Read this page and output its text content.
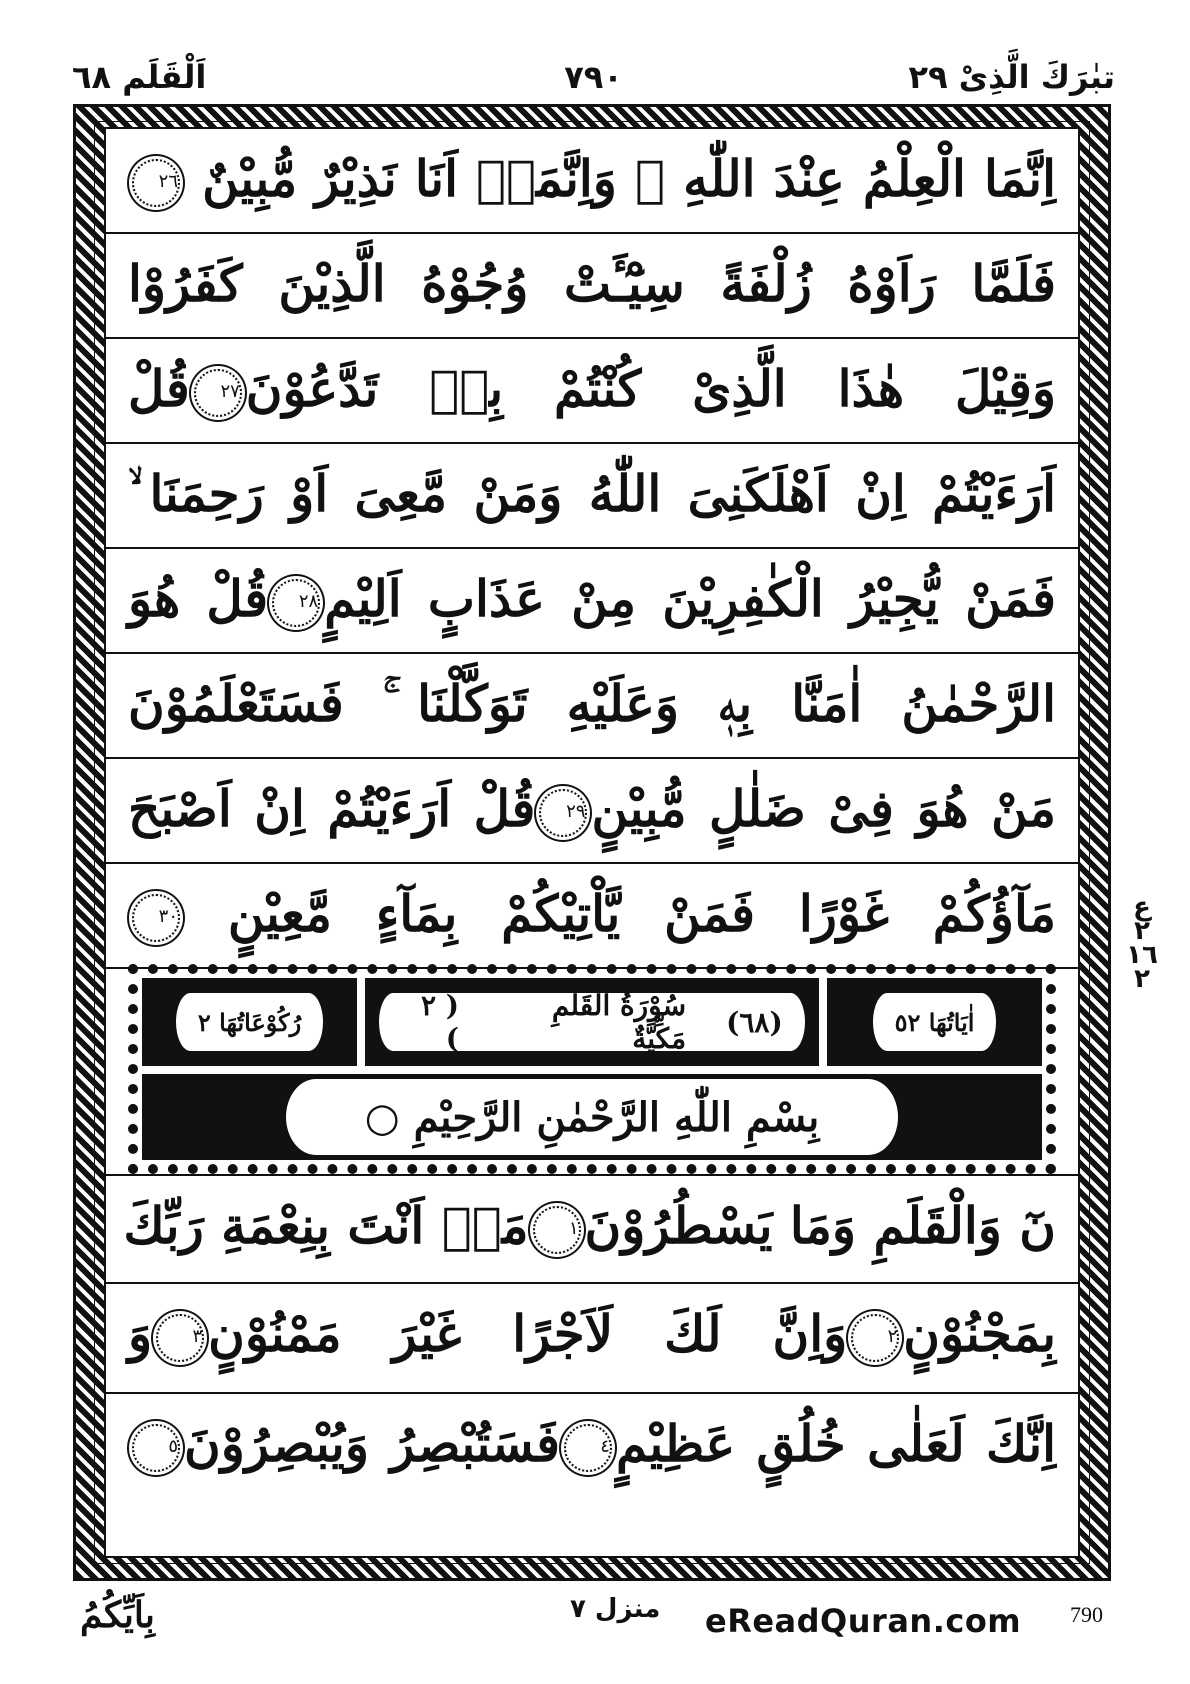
تبٰرَكَ الَّذِىْ ٢٩
٧٩٠
اَلْقَلَم ٦٨
اِنَّمَا الْعِلْمُ عِنْدَ اللّٰهِ ۪ وَاِنَّمَاۤ اَنَا نَذِيْرٌ مُّبِيْنٌ ٢٦
فَلَمَّا رَاَوْهُ زُلْفَةً سِيْٓـَٔتْ وُجُوْهُ الَّذِيْنَ كَفَرُوْا
وَقِيْلَ هٰذَا الَّذِىْ كُنْتُمْ بِهٖ تَدَّعُوْنَ٢٧قُلْ
اَرَءَيْتُمْ اِنْ اَهْلَكَنِىَ اللّٰهُ وَمَنْ مَّعِىَ اَوْ رَحِمَنَا ۙ
فَمَنْ يُّجِيْرُ الْكٰفِرِيْنَ مِنْ عَذَابٍ اَلِيْمٍ٢٨قُلْ هُوَ
الرَّحْمٰنُ اٰمَنَّا بِهٖ وَعَلَيْهِ تَوَكَّلْنَا ۚ فَسَتَعْلَمُوْنَ
مَنْ هُوَ فِىْ ضَلٰلٍ مُّبِيْنٍ٢٩قُلْ اَرَءَيْتُمْ اِنْ اَصْبَحَ
مَآؤُكُمْ غَوْرًا فَمَنْ يَّاْتِيْكُمْ بِمَآءٍ مَّعِيْنٍ ٣٠
اٰيَاتُهَا ٥٢
(٦٨)
سُوْرَةُ الْقَلَمِ مَكِّيَّةٌ
( ٢ )
رُكُوْعَاتُهَا ٢
بِسْمِ اللّٰهِ الرَّحْمٰنِ الرَّحِيْمِ
○
نٓ وَالْقَلَمِ وَمَا يَسْطُرُوْنَ١مَاۤ اَنْتَ بِنِعْمَةِ رَبِّكَ
بِمَجْنُوْنٍ٢وَاِنَّ لَكَ لَاَجْرًا غَيْرَ مَمْنُوْنٍ٣وَ
اِنَّكَ لَعَلٰى خُلُقٍ عَظِيْمٍ٤فَسَتُبْصِرُ وَيُبْصِرُوْنَ٥
ع ٢ ١٦ ٢
بِاَيِّكُمُ	منزل ٧ eReadQuran.com 790
